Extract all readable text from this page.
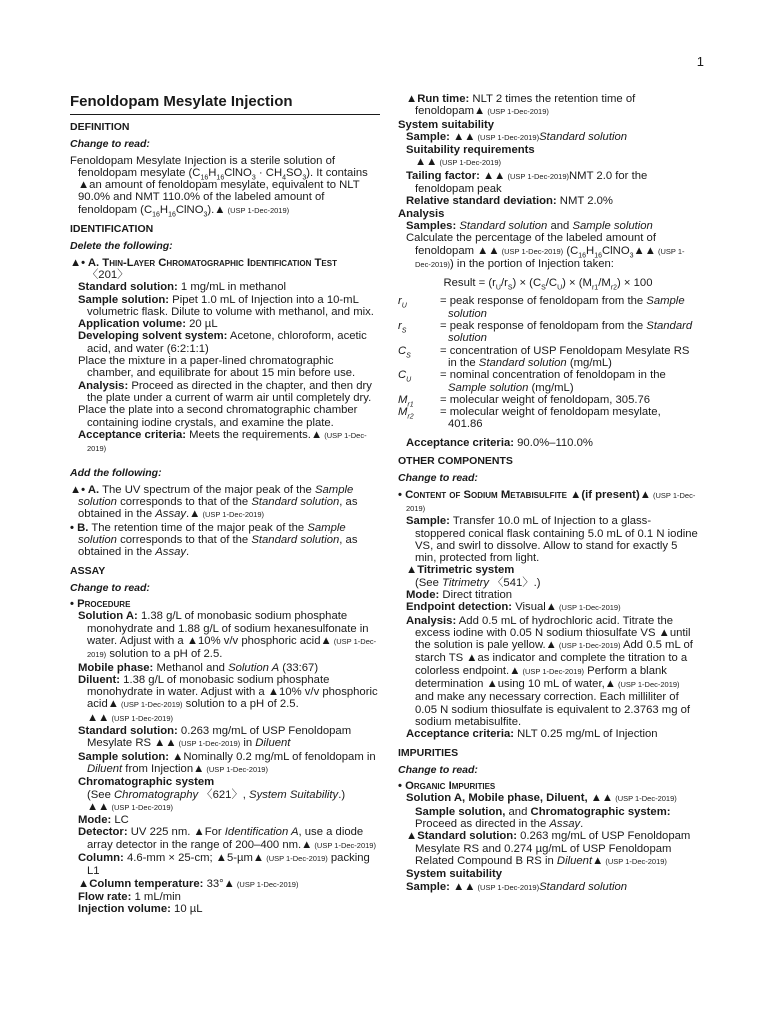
1
Fenoldopam Mesylate Injection
DEFINITION
Change to read:

Fenoldopam Mesylate Injection is a sterile solution of fenoldopam mesylate $(C_{16}H_{16}ClNO_3 \cdot CH_4SO_3)$. It contains ▲an amount of fenoldopam mesylate, equivalent to NLT 90.0% and NMT 110.0% of the labeled amount of fenoldopam $(C_{16}H_{16}ClNO_3).▲$ (USP 1-Dec-2019)

IDENTIFICATION
Delete the following:
▲• A. Thin-Layer Chromatographic Identification Test
〈201〉
Standard solution: 1 mg/mL in methanol
Sample solution: Pipet 1.0 mL of Injection into a 10-mL volumetric flask. Dilute to volume with methanol, and mix.
Application volume: 20 µL
Developing solvent system: Acetone, chloroform, acetic acid, and water (6:2:1:1)
Place the mixture in a paper-lined chromatographic chamber, and equilibrate for about 15 min before use.
Analysis: Proceed as directed in the chapter, and then dry the plate under a current of warm air until completely dry.
Place the plate into a second chromatographic chamber containing iodine crystals, and examine the plate.
Acceptance criteria: Meets the requirements.▲ (USP 1-Dec-2019)
Add the following:
▲• A. The UV spectrum of the major peak of the Sample solution corresponds to that of the Standard solution, as obtained in the Assay.▲ (USP 1-Dec-2019)
• B. The retention time of the major peak of the Sample solution corresponds to that of the Standard solution, as obtained in the Assay.
ASSAY
Change to read:
• Procedure
Solution A: 1.38 g/L of monobasic sodium phosphate monohydrate and 1.88 g/L of sodium hexanesulfonate in water. Adjust with a ▲10% v/v phosphoric acid▲ (USP 1-Dec-2019) solution to a pH of 2.5.
Mobile phase: Methanol and Solution A (33:67)
Diluent: 1.38 g/L of monobasic sodium phosphate monohydrate in water. Adjust with a ▲10% v/v phosphoric acid▲ (USP 1-Dec-2019) solution to a pH of 2.5.
▲▲ (USP 1-Dec-2019)
Standard solution: 0.263 mg/mL of USP Fenoldopam Mesylate RS ▲▲ (USP 1-Dec-2019) in Diluent
Sample solution: ▲Nominally 0.2 mg/mL of fenoldopam in Diluent from Injection▲ (USP 1-Dec-2019)
Chromatographic system
(See Chromatography 〈621〉, System Suitability.)
▲▲ (USP 1-Dec-2019)
Mode: LC
Detector: UV 225 nm. ▲For Identification A, use a diode array detector in the range of 200–400 nm.▲ (USP 1-Dec-2019)
Column: 4.6-mm × 25-cm; ▲5-µm▲ (USP 1-Dec-2019) packing L1
▲Column temperature: 33°▲ (USP 1-Dec-2019)
Flow rate: 1 mL/min
Injection volume: 10 µL
▲Run time: NLT 2 times the retention time of fenoldopam▲ (USP 1-Dec-2019)
System suitability
Sample: ▲▲ (USP 1-Dec-2019)Standard solution
Suitability requirements
▲▲ (USP 1-Dec-2019)
Tailing factor: ▲▲ (USP 1-Dec-2019)NMT 2.0 for the fenoldopam peak
Relative standard deviation: NMT 2.0%
Analysis
Samples: Standard solution and Sample solution
Calculate the percentage of the labeled amount of fenoldopam ▲▲ (USP 1-Dec-2019) ($C_{16}H_{16}ClNO_3▲▲$ (USP 1-Dec-2019)) in the portion of Injection taken:
Result = $(r_U/r_S) \times (C_S/C_U) \times (M_{r1}/M_{r2}) \times 100$
$r_U$	= peak response of fenoldopam from the Sample solution
$r_S$	= peak response of fenoldopam from the Standard solution
$C_S$	= concentration of USP Fenoldopam Mesylate RS in the Standard solution (mg/mL)
$C_U$	= nominal concentration of fenoldopam in the Sample solution (mg/mL)
$M_{r1}$	= molecular weight of fenoldopam, 305.76
$M_{r2}$	= molecular weight of fenoldopam mesylate, 401.86
Acceptance criteria: 90.0%–110.0%
OTHER COMPONENTS
Change to read:
• Content of Sodium Metabisulfite ▲(if present)▲ (USP 1-Dec-2019)
Sample: Transfer 10.0 mL of Injection to a glass-stoppered conical flask containing 5.0 mL of 0.1 N iodine VS, and swirl to dissolve. Allow to stand for exactly 5 min, protected from light.
▲Titrimetric system
(See Titrimetry 〈541〉.)
Mode: Direct titration
Endpoint detection: Visual▲ (USP 1-Dec-2019)
Analysis: Add 0.5 mL of hydrochloric acid. Titrate the excess iodine with 0.05 N sodium thiosulfate VS ▲until the solution is pale yellow.▲ (USP 1-Dec-2019) Add 0.5 mL of starch TS ▲as indicator and complete the titration to a colorless endpoint.▲ (USP 1-Dec-2019) Perform a blank determination ▲using 10 mL of water,▲ (USP 1-Dec-2019) and make any necessary correction. Each milliliter of 0.05 N sodium thiosulfate is equivalent to 2.3763 mg of sodium metabisulfite.
Acceptance criteria: NLT 0.25 mg/mL of Injection
IMPURITIES
Change to read:
• Organic Impurities
Solution A, Mobile phase, Diluent, ▲▲ (USP 1-Dec-2019) Sample solution, and Chromatographic system: Proceed as directed in the Assay.
▲Standard solution: 0.263 mg/mL of USP Fenoldopam Mesylate RS and 0.274 µg/mL of USP Fenoldopam Related Compound B RS in Diluent▲ (USP 1-Dec-2019)
System suitability
Sample: ▲▲ (USP 1-Dec-2019)Standard solution
